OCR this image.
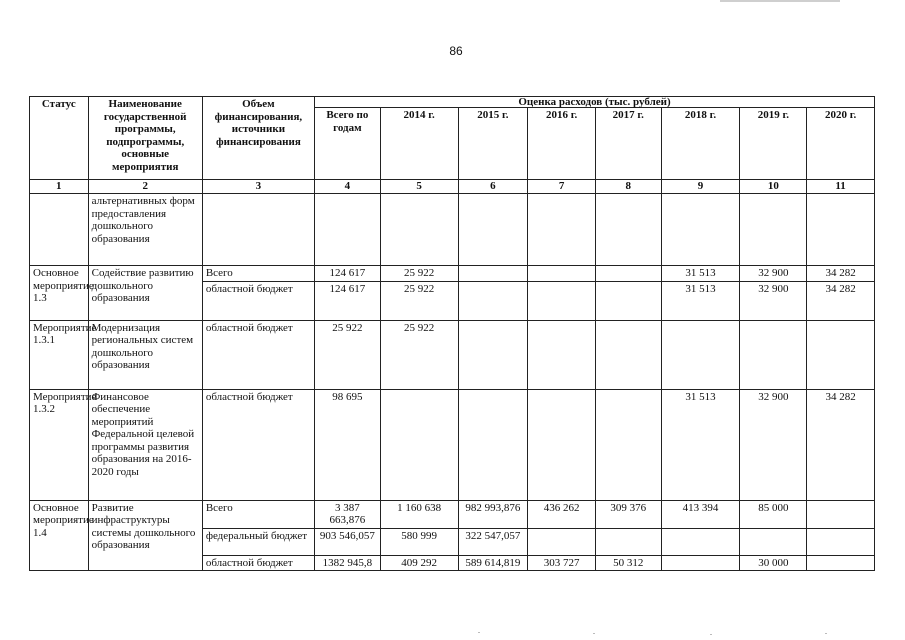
86
Статус	Наименование государственной программы, подпрограммы, основные мероприятия	Объем финансирования, источники финансирования	Оценка расходов (тыс. рублей)							
			Всего по годам	2014 г.	2015 г.	2016 г.	2017 г.	2018 г.	2019 г.	2020 г.
1	2	3	4	5	6	7	8	9	10	11
	альтернативных форм предоставления дошкольного образования									
Основное мероприятие 1.3	Содействие развитию дошкольного образования	Всего	124 617	25 922				31 513	32 900	34 282
		областной бюджет	124 617	25 922				31 513	32 900	34 282
Мероприятие 1.3.1	Модернизация региональных систем дошкольного образования	областной бюджет	25 922	25 922						
Мероприятие 1.3.2	Финансовое обеспечение мероприятий Федеральной целевой программы развития образования на 2016-2020 годы	областной бюджет	98 695					31 513	32 900	34 282
Основное мероприятие 1.4	Развитие инфраструктуры системы дошкольного образования	Всего	3 387 663,876	1 160 638	982 993,876	436 262	309 376	413 394	85 000	
		федеральный бюджет	903 546,057	580 999	322 547,057					
		областной бюджет	1382 945,8	409 292	589 614,819	303 727	50 312		30 000	
